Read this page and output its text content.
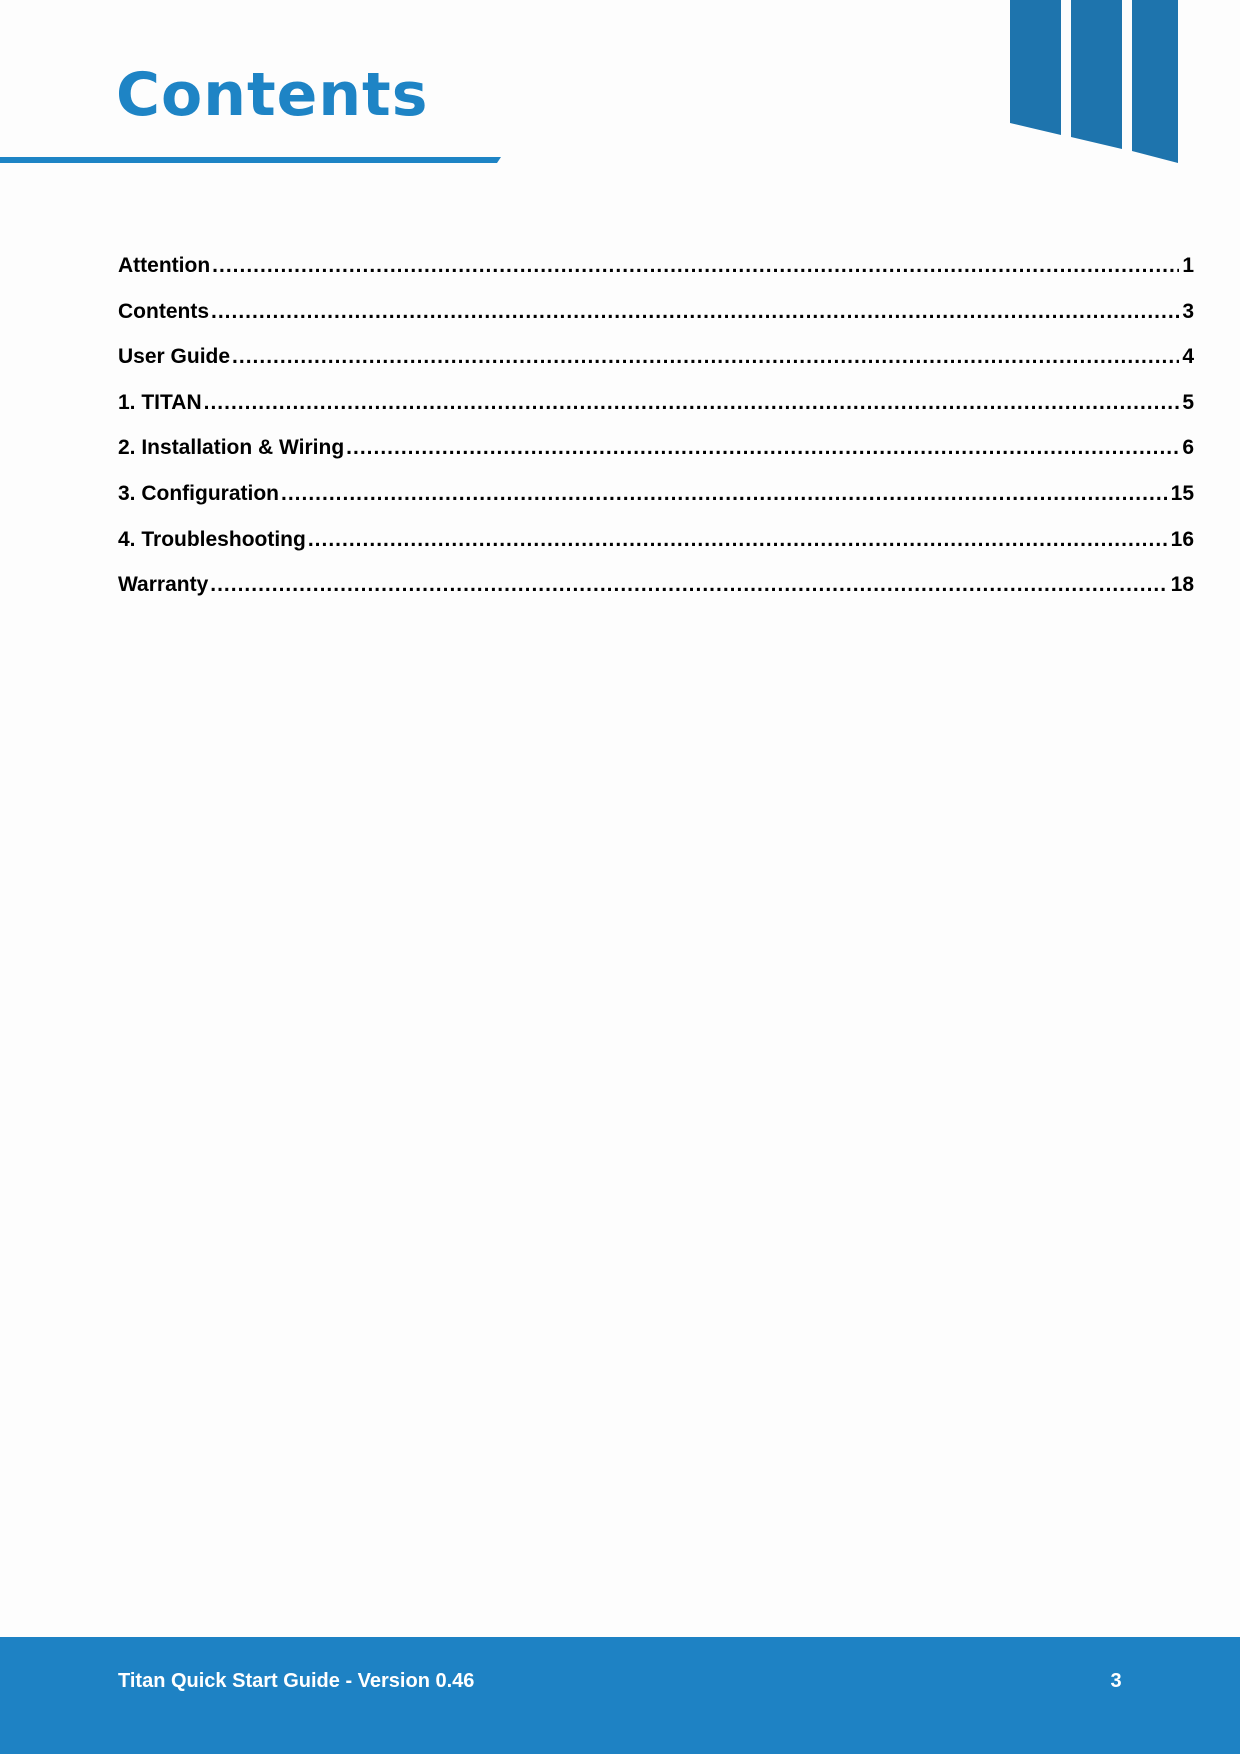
Contents
Attention .....	1
Contents .....	3
User Guide .....	4
1. TITAN .....	5
2. Installation & Wiring .....	6
3. Configuration .....	15
4. Troubleshooting .....	16
Warranty .....	18
Titan Quick Start Guide - Version 0.46	3
